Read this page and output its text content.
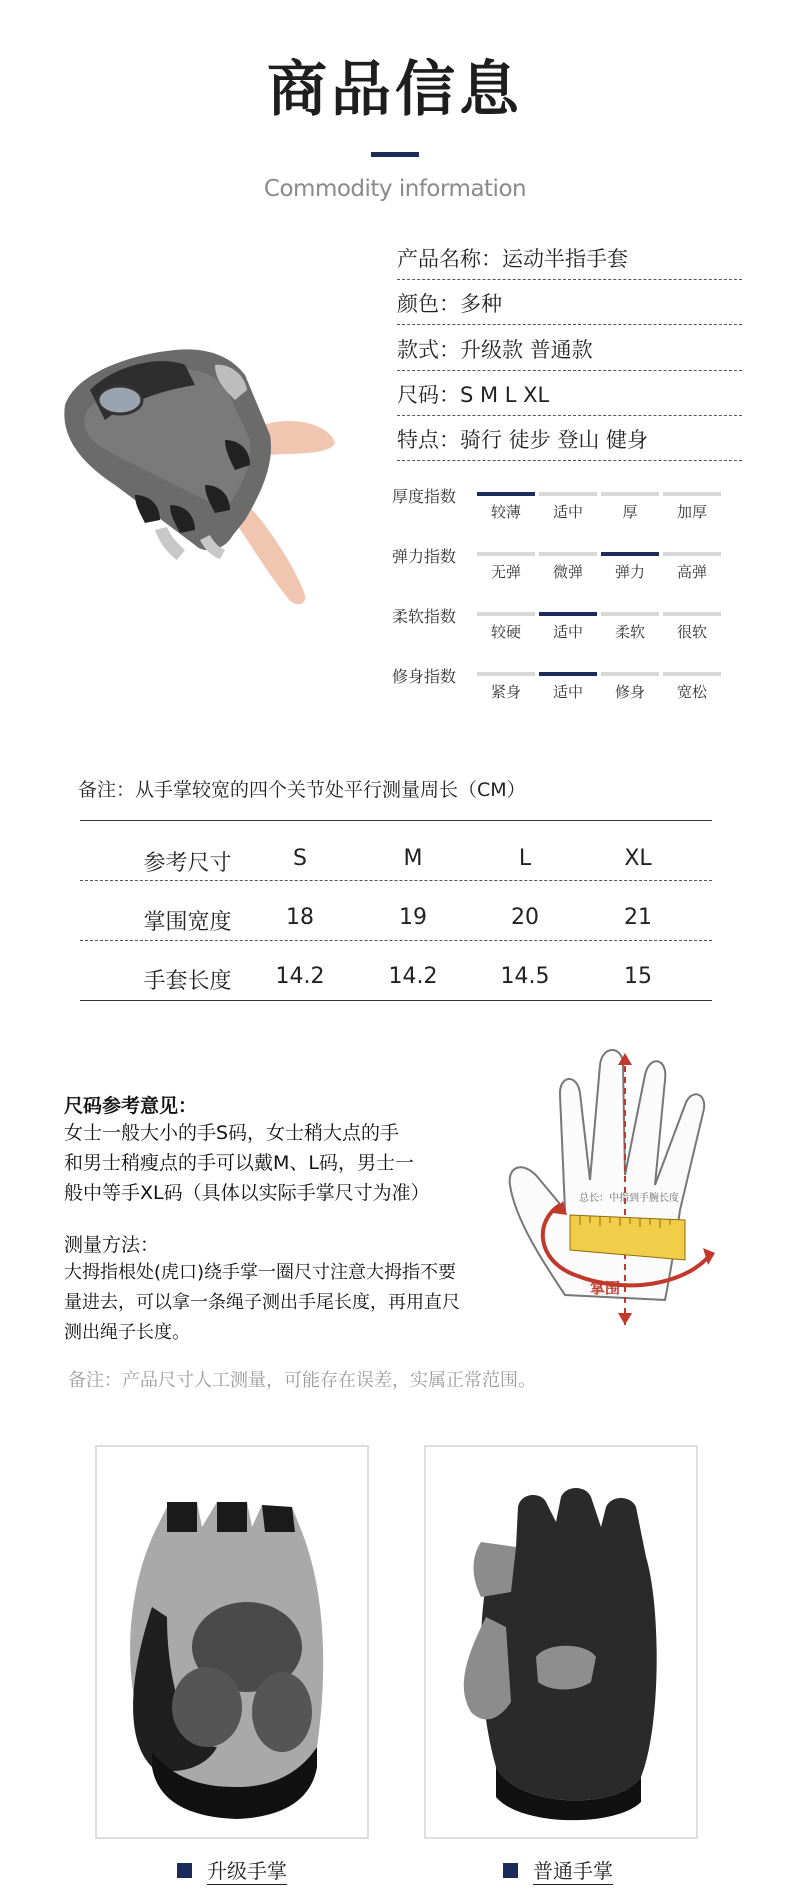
商品信息
Commodity information
产品名称：运动半指手套
颜色：多种
款式：升级款 普通款
尺码：S M L XL
特点：骑行 徒步 登山 健身
厚度指数
较薄	适中	厚	加厚
弹力指数
无弹	微弹	弹力	高弹
柔软指数
较硬	适中	柔软	很软
修身指数
紧身	适中	修身	宽松
备注：从手掌较宽的四个关节处平行测量周长（CM）
参考尺寸	S	M	L	XL
掌围宽度	18	19	20	21
手套长度	14.2	14.2	14.5	15
尺码参考意见：
女士一般大小的手S码，女士稍大点的手
和男士稍瘦点的手可以戴M、L码，男士一
般中等手XL码（具体以实际手掌尺寸为准）
测量方法：
大拇指根处(虎口)绕手掌一圈尺寸注意大拇指不要
量进去，可以拿一条绳子测出手尾长度，再用直尺
测出绳子长度。
总长：中指到手腕长度
掌围
备注：产品尺寸人工测量，可能存在误差，实属正常范围。
升级手掌	普通手掌
